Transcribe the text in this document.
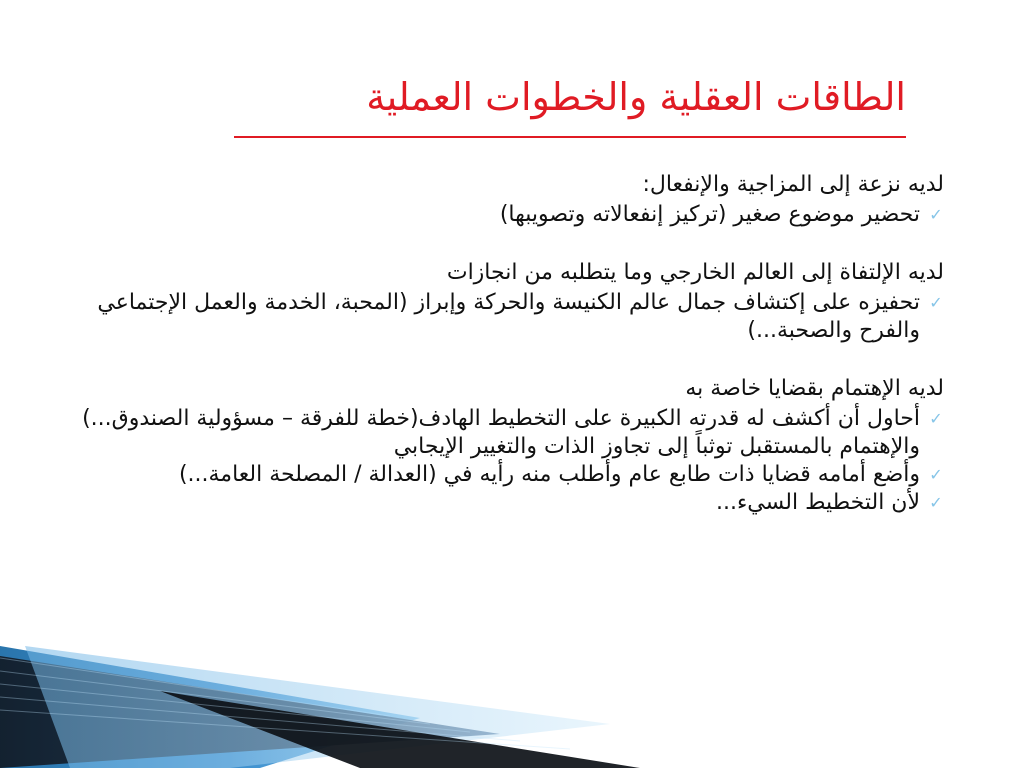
الطاقات العقلية والخطوات العملية
لديه نزعة إلى المزاجية والإنفعال:
✓
تحضير موضوع صغير (تركيز إنفعالاته وتصويبها)
لديه الإلتفاة إلى العالم الخارجي وما يتطلبه من انجازات
✓
تحفيزه على إكتشاف جمال عالم الكنيسة والحركة وإبراز (المحبة، الخدمة والعمل الإجتماعي والفرح والصحبة...)
لديه الإهتمام بقضايا خاصة به
✓
أحاول أن أكشف له قدرته الكبيرة على التخطيط الهادف(خطة للفرقة – مسؤولية الصندوق...) والإهتمام بالمستقبل توثباً إلى تجاوز الذات والتغيير الإيجابي
✓
وأضع أمامه قضايا ذات طابع عام وأطلب منه رأيه في (العدالة / المصلحة العامة...)
✓
لأن التخطيط السيء...
